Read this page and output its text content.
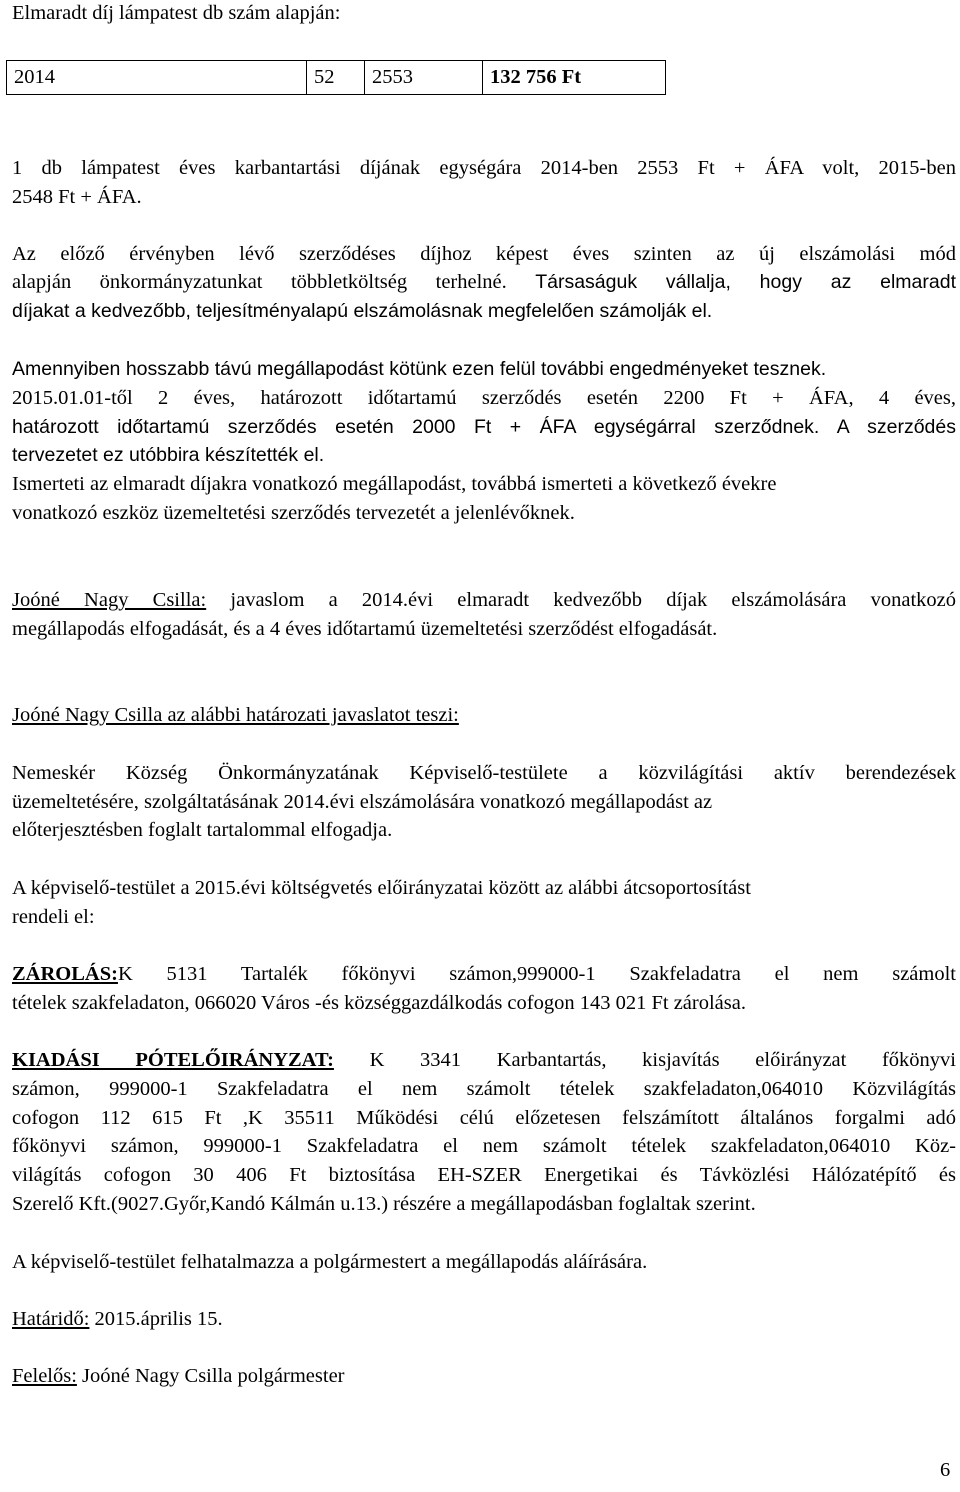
Elmaradt díj lámpatest db szám alapján:
2014	52	2553	132 756 Ft
1 db lámpatest éves karbantartási díjának egységára 2014-ben 2553 Ft + ÁFA volt, 2015-ben
2548 Ft + ÁFA.
Az előző érvényben lévő szerződéses díjhoz képest éves szinten az új elszámolási mód
alapján önkormányzatunkat többletköltség terhelné. Társaságuk vállalja, hogy az elmaradt
díjakat a kedvezőbb, teljesítményalapú elszámolásnak megfelelően számolják el.
Amennyiben hosszabb távú megállapodást kötünk ezen felül további engedményeket tesznek.
2015.01.01-től 2 éves, határozott időtartamú szerződés esetén 2200 Ft + ÁFA, 4 éves,
határozott időtartamú szerződés esetén 2000 Ft + ÁFA egységárral szerződnek. A szerződés
tervezetet ez utóbbira készítették el.
Ismerteti az elmaradt díjakra vonatkozó megállapodást, továbbá ismerteti a következő évekre
vonatkozó eszköz üzemeltetési szerződés tervezetét a jelenlévőknek.
Joóné Nagy Csilla: javaslom a 2014.évi elmaradt kedvezőbb díjak elszámolására vonatkozó
megállapodás elfogadását, és a 4 éves időtartamú üzemeltetési szerződést elfogadását.
Joóné Nagy Csilla az alábbi határozati javaslatot teszi:
Nemeskér Község Önkormányzatának Képviselő-testülete a közvilágítási aktív berendezések
üzemeltetésére, szolgáltatásának 2014.évi elszámolására vonatkozó megállapodást az
előterjesztésben foglalt tartalommal elfogadja.
A képviselő-testület a 2015.évi költségvetés előirányzatai között az alábbi átcsoportosítást
rendeli el:
ZÁROLÁS:K 5131 Tartalék főkönyvi számon,999000-1 Szakfeladatra el nem számolt
tételek szakfeladaton, 066020 Város -és községgazdálkodás cofogon 143 021 Ft zárolása.
KIADÁSI PÓTELŐIRÁNYZAT: K 3341 Karbantartás, kisjavítás előirányzat főkönyvi
számon, 999000-1 Szakfeladatra el nem számolt tételek szakfeladaton,064010 Közvilágítás
cofogon 112 615 Ft ,K 35511 Működési célú előzetesen felszámított általános forgalmi adó
főkönyvi számon, 999000-1 Szakfeladatra el nem számolt tételek szakfeladaton,064010 Köz-
világítás cofogon 30 406 Ft biztosítása EH-SZER Energetikai és Távközlési Hálózatépítő és
Szerelő Kft.(9027.Győr,Kandó Kálmán u.13.) részére a megállapodásban foglaltak szerint.
A képviselő-testület felhatalmazza a polgármestert a megállapodás aláírására.
Határidő: 2015.április 15.
Felelős: Joóné Nagy Csilla polgármester
6
